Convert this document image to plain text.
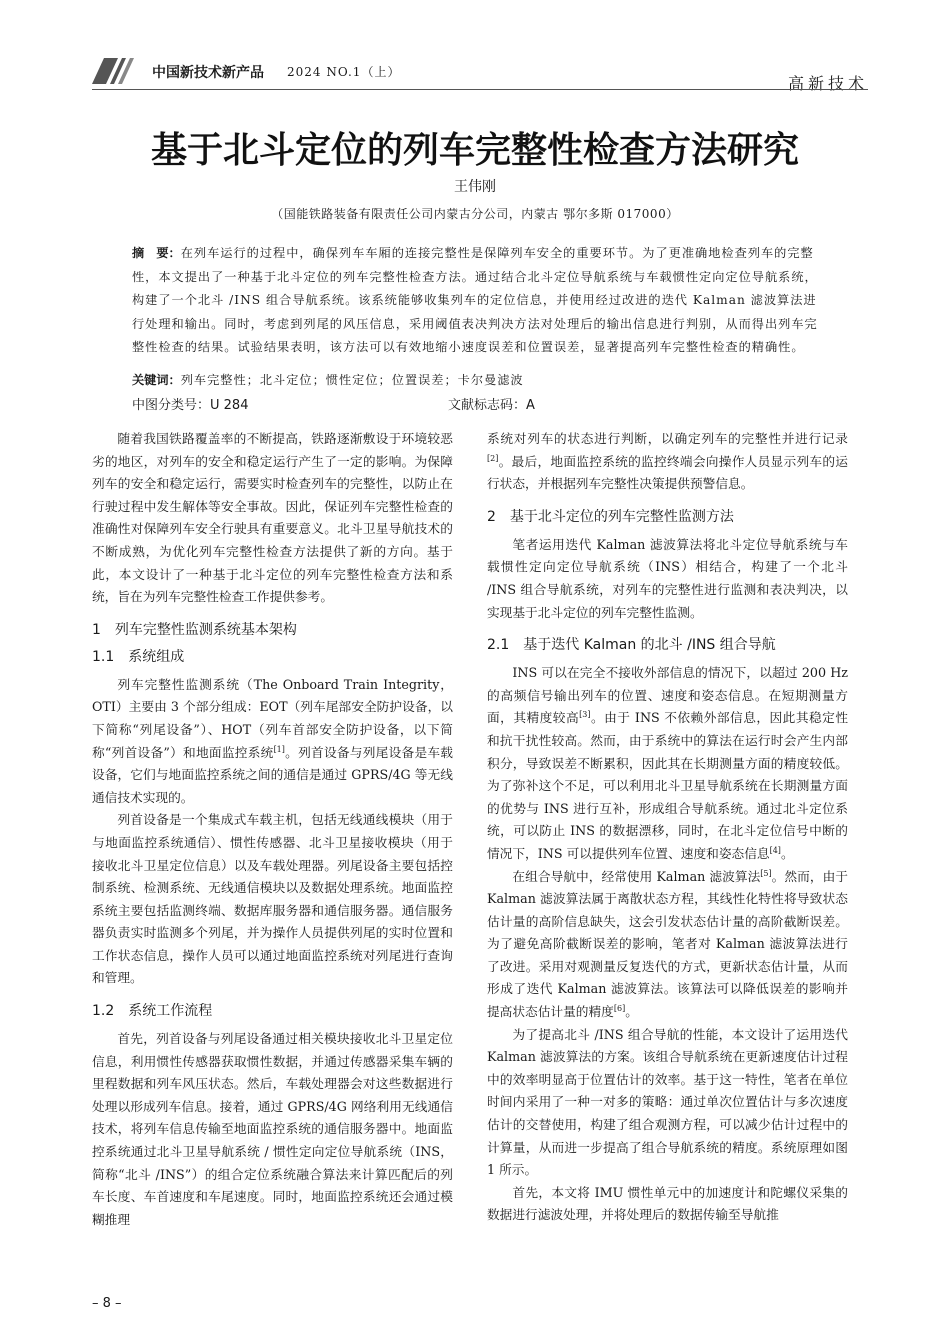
中国新技术新产品 2024 NO.1（上）
高新技术
基于北斗定位的列车完整性检查方法研究
王伟刚
（国能铁路装备有限责任公司内蒙古分公司，内蒙古 鄂尔多斯 017000）
摘　要：在列车运行的过程中，确保列车车厢的连接完整性是保障列车安全的重要环节。为了更准确地检查列车的完整性，本文提出了一种基于北斗定位的列车完整性检查方法。通过结合北斗定位导航系统与车载惯性定向定位导航系统，构建了一个北斗 /INS 组合导航系统。该系统能够收集列车的定位信息，并使用经过改进的迭代 Kalman 滤波算法进行处理和输出。同时，考虑到列尾的风压信息，采用阈值表决判决方法对处理后的输出信息进行判别，从而得出列车完整性检查的结果。试验结果表明，该方法可以有效地缩小速度误差和位置误差，显著提高列车完整性检查的精确性。
关键词：列车完整性；北斗定位；惯性定位；位置误差；卡尔曼滤波
中图分类号：U 284	文献标志码：A

随着我国铁路覆盖率的不断提高，铁路逐渐敷设于环境较恶劣的地区，对列车的安全和稳定运行产生了一定的影响。为保障列车的安全和稳定运行，需要实时检查列车的完整性，以防止在行驶过程中发生解体等安全事故。因此，保证列车完整性检查的准确性对保障列车安全行驶具有重要意义。北斗卫星导航技术的不断成熟，为优化列车完整性检查方法提供了新的方向。基于此，本文设计了一种基于北斗定位的列车完整性检查方法和系统，旨在为列车完整性检查工作提供参考。

1　列车完整性监测系统基本架构
1.1　系统组成

列车完整性监测系统（The Onboard Train Integrity，OTI）主要由 3 个部分组成：EOT（列车尾部安全防护设备，以下简称“列尾设备”）、HOT（列车首部安全防护设备，以下简称“列首设备”）和地面监控系统[1]。列首设备与列尾设备是车载设备，它们与地面监控系统之间的通信是通过 GPRS/4G 等无线通信技术实现的。

列首设备是一个集成式车载主机，包括无线通线模块（用于与地面监控系统通信）、惯性传感器、北斗卫星接收模块（用于接收北斗卫星定位信息）以及车载处理器。列尾设备主要包括控制系统、检测系统、无线通信模块以及数据处理系统。地面监控系统主要包括监测终端、数据库服务器和通信服务器。通信服务器负责实时监测多个列尾，并为操作人员提供列尾的实时位置和工作状态信息，操作人员可以通过地面监控系统对列尾进行查询和管理。

1.2　系统工作流程

首先，列首设备与列尾设备通过相关模块接收北斗卫星定位信息，利用惯性传感器获取惯性数据，并通过传感器采集车辆的里程数据和列车风压状态。然后，车载处理器会对这些数据进行处理以形成列车信息。接着，通过 GPRS/4G 网络利用无线通信技术，将列车信息传输至地面监控系统的通信服务器中。地面监控系统通过北斗卫星导航系统 / 惯性定向定位导航系统（INS，简称“北斗 /INS”）的组合定位系统融合算法来计算匹配后的列车长度、车首速度和车尾速度。同时，地面监控系统还会通过模糊推理

系统对列车的状态进行判断，以确定列车的完整性并进行记录[2]。最后，地面监控系统的监控终端会向操作人员显示列车的运行状态，并根据列车完整性决策提供预警信息。

2　基于北斗定位的列车完整性监测方法

笔者运用迭代 Kalman 滤波算法将北斗定位导航系统与车载惯性定向定位导航系统（INS）相结合，构建了一个北斗 /INS 组合导航系统，对列车的完整性进行监测和表决判决，以实现基于北斗定位的列车完整性监测。

2.1　基于迭代 Kalman 的北斗 /INS 组合导航

INS 可以在完全不接收外部信息的情况下，以超过 200 Hz 的高频信号输出列车的位置、速度和姿态信息。在短期测量方面，其精度较高[3]。由于 INS 不依赖外部信息，因此其稳定性和抗干扰性较高。然而，由于系统中的算法在运行时会产生内部积分，导致误差不断累积，因此其在长期测量方面的精度较低。为了弥补这个不足，可以利用北斗卫星导航系统在长期测量方面的优势与 INS 进行互补，形成组合导航系统。通过北斗定位系统，可以防止 INS 的数据漂移，同时，在北斗定位信号中断的情况下，INS 可以提供列车位置、速度和姿态信息[4]。

在组合导航中，经常使用 Kalman 滤波算法[5]。然而，由于 Kalman 滤波算法属于离散状态方程，其线性化特性将导致状态估计量的高阶信息缺失，这会引发状态估计量的高阶截断误差。为了避免高阶截断误差的影响，笔者对 Kalman 滤波算法进行了改进。采用对观测量反复迭代的方式，更新状态估计量，从而形成了迭代 Kalman 滤波算法。该算法可以降低误差的影响并提高状态估计量的精度[6]。

为了提高北斗 /INS 组合导航的性能，本文设计了运用迭代 Kalman 滤波算法的方案。该组合导航系统在更新速度估计过程中的效率明显高于位置估计的效率。基于这一特性，笔者在单位时间内采用了一种一对多的策略：通过单次位置估计与多次速度估计的交替使用，构建了组合观测方程，可以减少估计过程中的计算量，从而进一步提高了组合导航系统的精度。系统原理如图 1 所示。

首先，本文将 IMU 惯性单元中的加速度计和陀螺仪采集的数据进行滤波处理，并将处理后的数据传输至导航推

– 8 –
